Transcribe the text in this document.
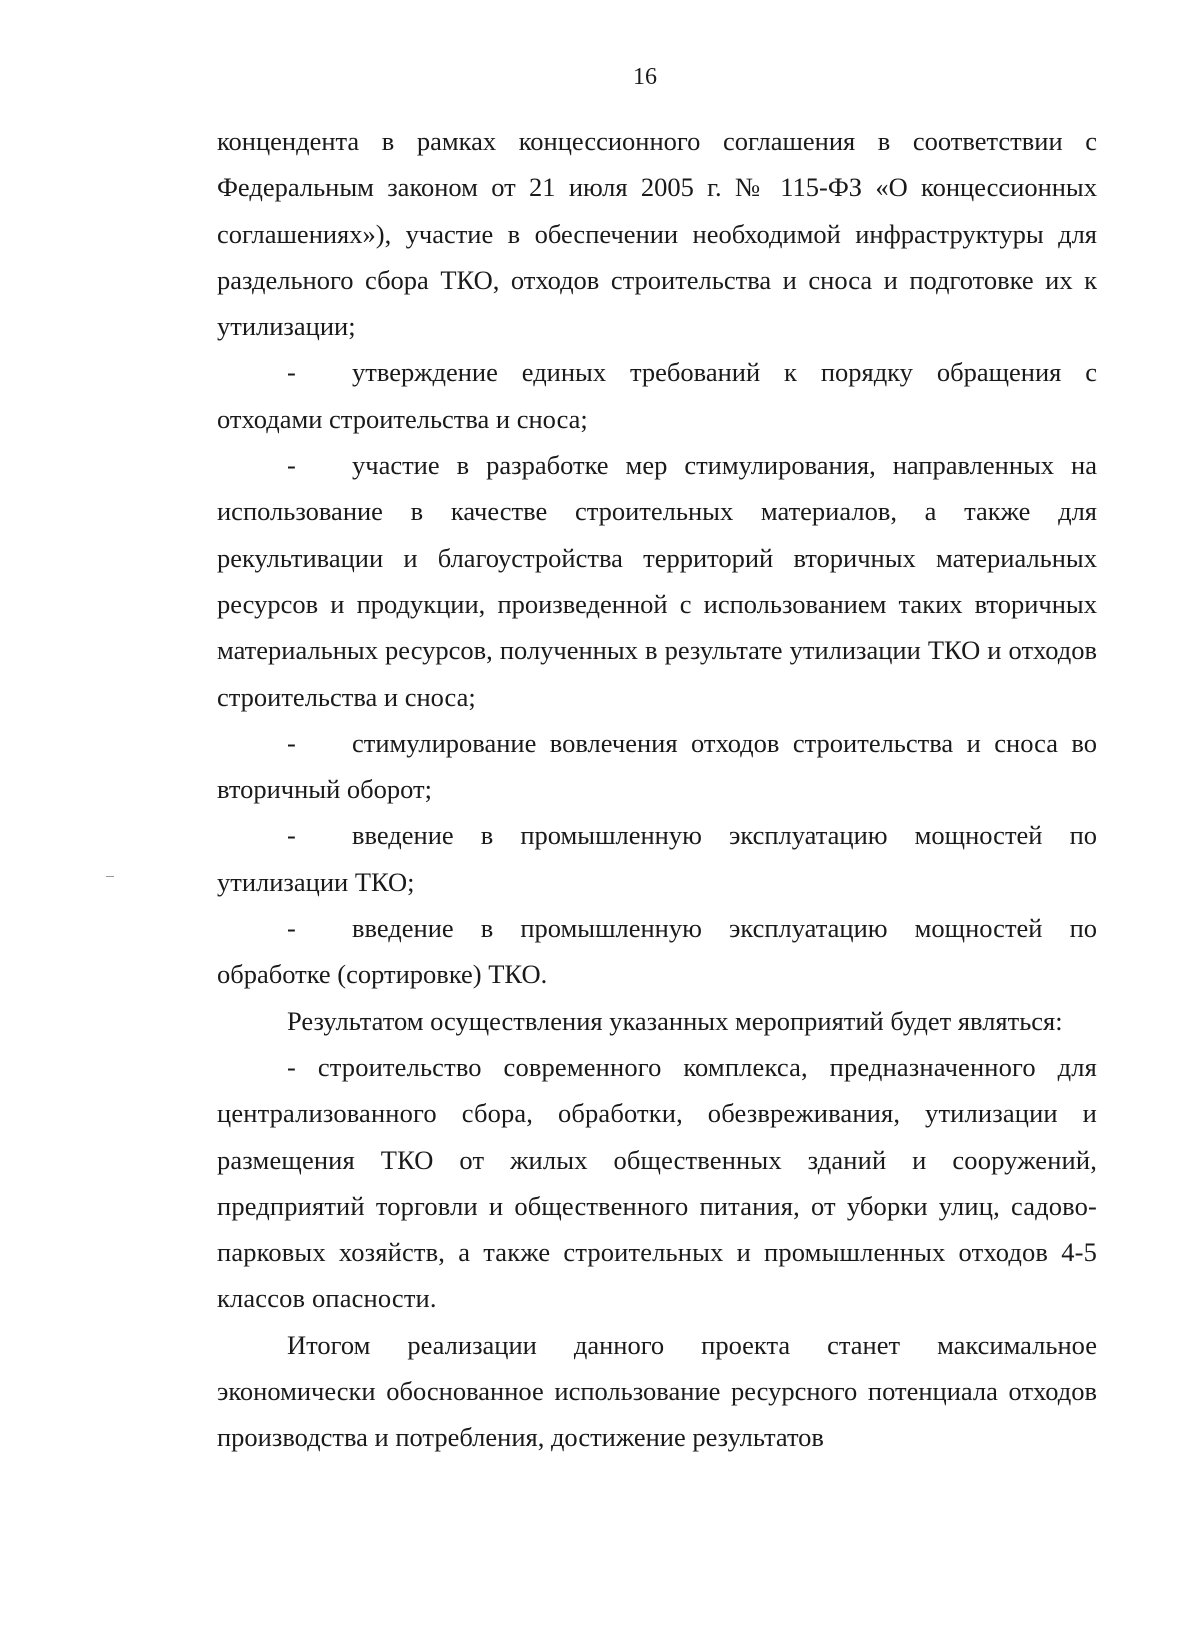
16

концендента в рамках концессионного соглашения в соответствии с Федеральным законом от 21 июля 2005 г. № 115-ФЗ «О концессионных соглашениях»), участие в обеспечении необходимой инфраструктуры для раздельного сбора ТКО, отходов строительства и сноса и подготовке их к утилизации;

- утверждение единых требований к порядку обращения с отходами строительства и сноса;

- участие в разработке мер стимулирования, направленных на использование в качестве строительных материалов, а также для рекультивации и благоустройства территорий вторичных материальных ресурсов и продукции, произведенной с использованием таких вторичных материальных ресурсов, полученных в результате утилизации ТКО и отходов строительства и сноса;

- стимулирование вовлечения отходов строительства и сноса во вторичный оборот;

- введение в промышленную эксплуатацию мощностей по утилизации ТКО;

- введение в промышленную эксплуатацию мощностей по обработке (сортировке) ТКО.

Результатом осуществления указанных мероприятий будет являться:

- строительство современного комплекса, предназначенного для централизованного сбора, обработки, обезвреживания, утилизации и размещения ТКО от жилых общественных зданий и сооружений, предприятий торговли и общественного питания, от уборки улиц, садово-парковых хозяйств, а также строительных и промышленных отходов 4-5 классов опасности.

Итогом реализации данного проекта станет максимальное экономически обоснованное использование ресурсного потенциала отходов производства и потребления, достижение результатов
